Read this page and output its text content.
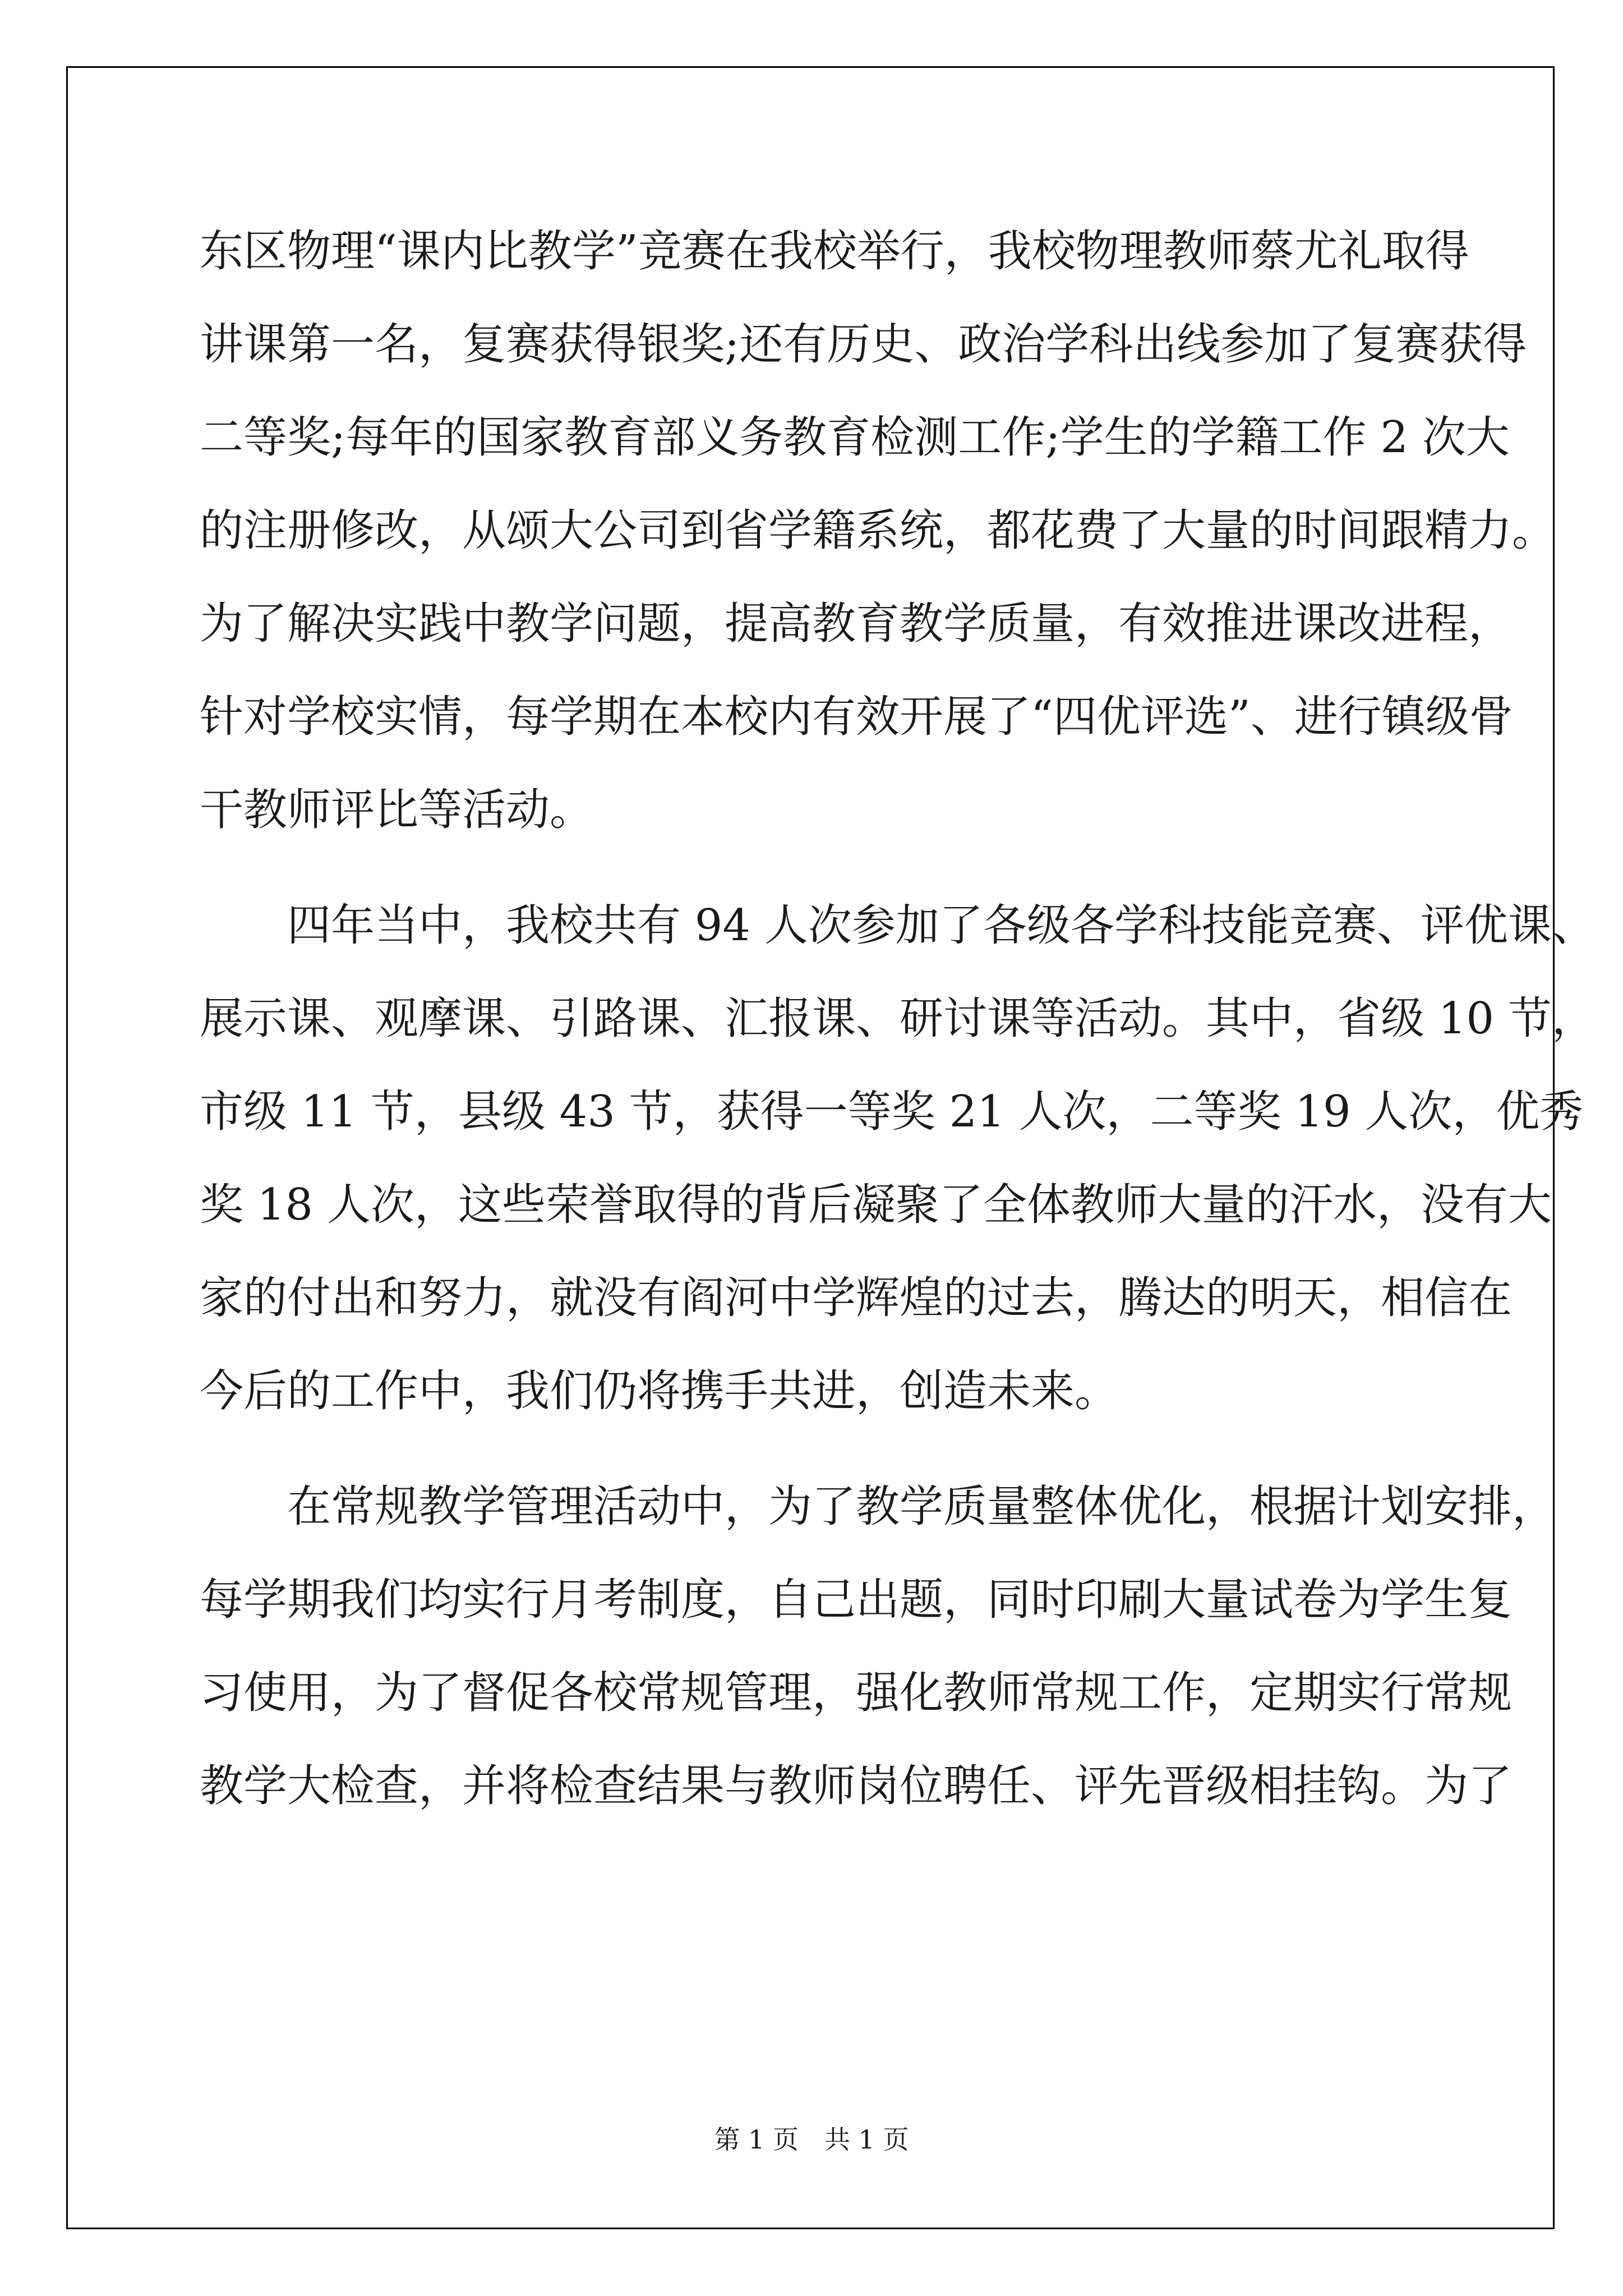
东区物理“课内比教学”竞赛在我校举行，我校物理教师蔡尤礼取得
讲课第一名，复赛获得银奖;还有历史、政治学科出线参加了复赛获得
二等奖;每年的国家教育部义务教育检测工作;学生的学籍工作 2 次大
的注册修改，从颂大公司到省学籍系统，都花费了大量的时间跟精力。
为了解决实践中教学问题，提高教育教学质量，有效推进课改进程，
针对学校实情，每学期在本校内有效开展了“四优评选”、进行镇级骨
干教师评比等活动。
四年当中，我校共有 94 人次参加了各级各学科技能竞赛、评优课、
展示课、观摩课、引路课、汇报课、研讨课等活动。其中，省级 10 节，
市级 11 节，县级 43 节，获得一等奖 21 人次，二等奖 19 人次，优秀
奖 18 人次，这些荣誉取得的背后凝聚了全体教师大量的汗水，没有大
家的付出和努力，就没有阎河中学辉煌的过去，腾达的明天，相信在
今后的工作中，我们仍将携手共进，创造未来。
在常规教学管理活动中，为了教学质量整体优化，根据计划安排，
每学期我们均实行月考制度，自己出题，同时印刷大量试卷为学生复
习使用，为了督促各校常规管理，强化教师常规工作，定期实行常规
教学大检查，并将检查结果与教师岗位聘任、评先晋级相挂钩。为了
第 1 页　共 1 页
